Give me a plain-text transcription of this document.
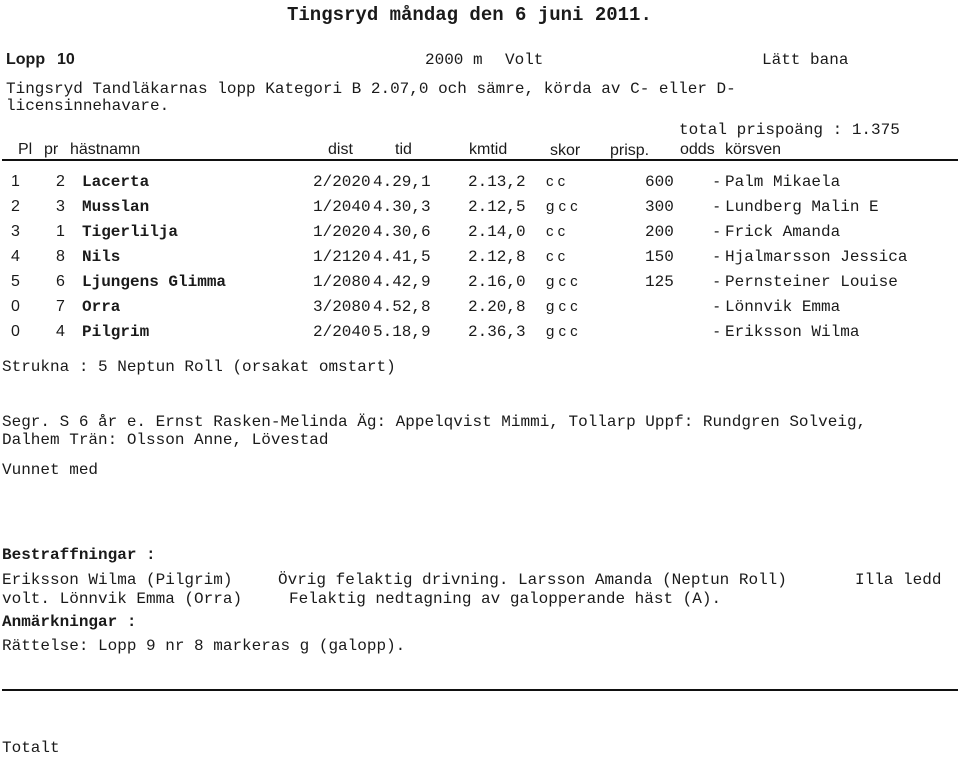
Tingsryd måndag den 6 juni 2011.
Lopp 10	2000 m Volt	Lätt bana
Tingsryd Tandläkarnas lopp Kategori B 2.07,0 och sämre, körda av C- eller D-
licensinnehavare.
total prispoäng : 1.375
Pl pr hästnamn	dist	tid	kmtid	skor prisp. odds körsven
1 2 Lacerta	2/2020 4.29,1 2.13,2 c c	600	- Palm Mikaela
2 3 Musslan	1/2040 4.30,3 2.12,5 g c c	300	- Lundberg Malin E
3 1 Tigerlilja	1/2020 4.30,6 2.14,0 c c	200	- Frick Amanda
4 8 Nils	1/2120 4.41,5 2.12,8 c c	150	- Hjalmarsson Jessica
5 6 Ljungens Glimma	1/2080 4.42,9 2.16,0 g c c	125	- Pernsteiner Louise
0 7 Orra	3/2080 4.52,8 2.20,8 g c c	- Lönnvik Emma
0 4 Pilgrim	2/2040 5.18,9 2.36,3 g c c	- Eriksson Wilma
Strukna : 5 Neptun Roll (orsakat omstart)
Segr. S 6 år e. Ernst Rasken-Melinda Äg: Appelqvist Mimmi, Tollarp Uppf: Rundgren Solveig,
Dalhem Trän: Olsson Anne, Lövestad
Vunnet med
Bestraffningar :
Eriksson Wilma (Pilgrim)	Övrig felaktig drivning. Larsson Amanda (Neptun Roll)	Illa ledd
volt. Lönnvik Emma (Orra)	Felaktig nedtagning av galopperande häst (A).
Anmärkningar :
Rättelse: Lopp 9 nr 8 markeras g (galopp).
Totalt
